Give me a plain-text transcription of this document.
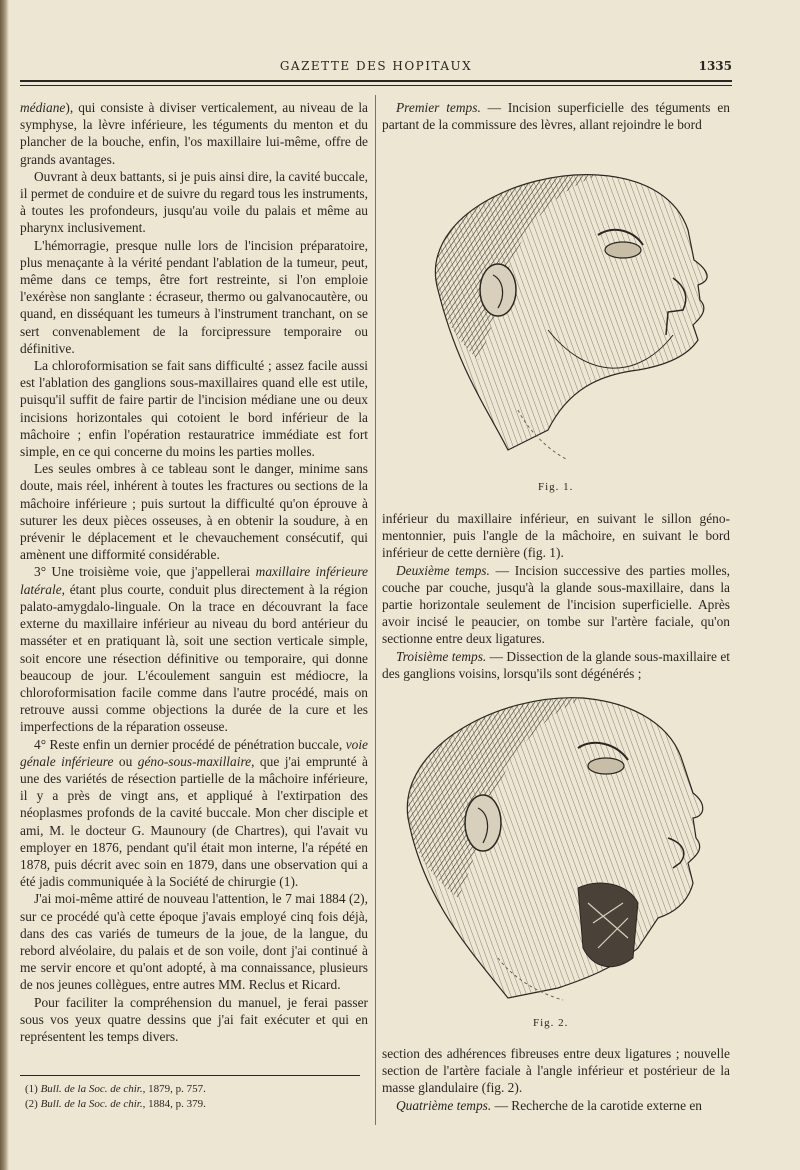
GAZETTE DES HOPITAUX	1335

médiane), qui consiste à diviser verticalement, au niveau de la symphyse, la lèvre inférieure, les téguments du menton et du plancher de la bouche, enfin, l'os maxillaire lui-même, offre de grands avantages.

Ouvrant à deux battants, si je puis ainsi dire, la cavité buccale, il permet de conduire et de suivre du regard tous les instruments, à toutes les profondeurs, jusqu'au voile du palais et même au pharynx inclusivement.

L'hémorragie, presque nulle lors de l'incision préparatoire, plus menaçante à la vérité pendant l'ablation de la tumeur, peut, même dans ce temps, être fort restreinte, si l'on emploie l'exérèse non sanglante : écraseur, thermo ou galvanocautère, ou quand, en disséquant les tumeurs à l'instrument tranchant, on se sert convenablement de la forcipressure temporaire ou définitive.

La chloroformisation se fait sans difficulté ; assez facile aussi est l'ablation des ganglions sous-maxillaires quand elle est utile, puisqu'il suffit de faire partir de l'incision médiane une ou deux incisions horizontales qui cotoient le bord inférieur de la mâchoire ; enfin l'opération restauratrice immédiate est fort simple, en ce qui concerne du moins les parties molles.

Les seules ombres à ce tableau sont le danger, minime sans doute, mais réel, inhérent à toutes les fractures ou sections de la mâchoire inférieure ; puis surtout la difficulté qu'on éprouve à suturer les deux pièces osseuses, à en obtenir la soudure, à en prévenir le déplacement et le chevauchement consécutif, qui amènent une difformité considérable.

3° Une troisième voie, que j'appellerai maxillaire inférieure latérale, étant plus courte, conduit plus directement à la région palato-amygdalo-linguale. On la trace en découvrant la face externe du maxillaire inférieur au niveau du bord antérieur du masséter et en pratiquant là, soit une section verticale simple, soit encore une résection définitive ou temporaire, qui donne beaucoup de jour. L'écoulement sanguin est médiocre, la chloroformisation facile comme dans l'autre procédé, mais on retrouve aussi comme objections la durée de la cure et les imperfections de la réparation osseuse.

4° Reste enfin un dernier procédé de pénétration buccale, voie génale inférieure ou géno-sous-maxillaire, que j'ai emprunté à une des variétés de résection partielle de la mâchoire inférieure, il y a près de vingt ans, et appliqué à l'extirpation des néoplasmes profonds de la cavité buccale. Mon cher disciple et ami, M. le docteur G. Maunoury (de Chartres), qui l'avait vu employer en 1876, pendant qu'il était mon interne, l'a répété en 1878, puis décrit avec soin en 1879, dans une observation qui a été jadis communiquée à la Société de chirurgie (1).

J'ai moi-même attiré de nouveau l'attention, le 7 mai 1884 (2), sur ce procédé qu'à cette époque j'avais employé cinq fois déjà, dans des cas variés de tumeurs de la joue, de la langue, du rebord alvéolaire, du palais et de son voile, dont j'ai continué à me servir encore et qu'ont adopté, à ma connaissance, plusieurs de nos jeunes collègues, entre autres MM. Reclus et Ricard.

Pour faciliter la compréhension du manuel, je ferai passer sous vos yeux quatre dessins que j'ai fait exécuter et qui en représentent les temps divers.

(1) Bull. de la Soc. de chir., 1879, p. 757.
(2) Bull. de la Soc. de chir., 1884, p. 379.

Premier temps. — Incision superficielle des téguments en partant de la commissure des lèvres, allant rejoindre le bord

Fig. 1.

inférieur du maxillaire inférieur, en suivant le sillon géno-mentonnier, puis l'angle de la mâchoire, en suivant le bord inférieur de cette dernière (fig. 1).

Deuxième temps. — Incision successive des parties molles, couche par couche, jusqu'à la glande sous-maxillaire, dans la partie horizontale seulement de l'incision superficielle. Après avoir incisé le peaucier, on tombe sur l'artère faciale, qu'on sectionne entre deux ligatures.

Troisième temps. — Dissection de la glande sous-maxillaire et des ganglions voisins, lorsqu'ils sont dégénérés ;

Fig. 2.

section des adhérences fibreuses entre deux ligatures ; nouvelle section de l'artère faciale à l'angle inférieur et postérieur de la masse glandulaire (fig. 2).

Quatrième temps. — Recherche de la carotide externe en
